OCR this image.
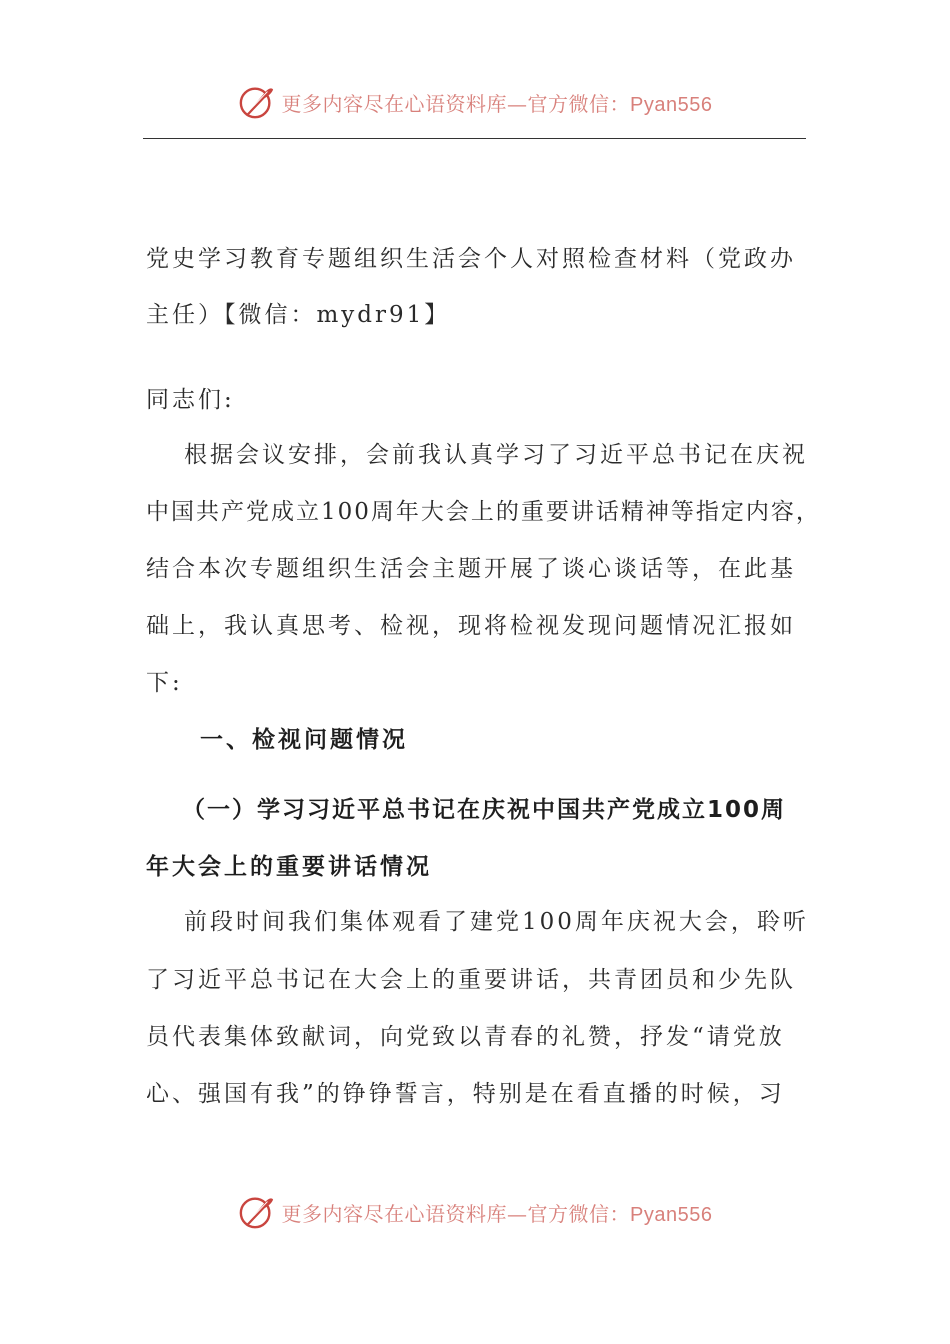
更多内容尽在心语资料库—官方微信：Pyan556
党史学习教育专题组织生活会个人对照检查材料（党政办
主任）【微信：mydr91】
同志们:
根据会议安排，会前我认真学习了习近平总书记在庆祝
中国共产党成立100周年大会上的重要讲话精神等指定内容，
结合本次专题组织生活会主题开展了谈心谈话等，在此基
础上，我认真思考、检视，现将检视发现问题情况汇报如
下:
一、检视问题情况
（一）学习习近平总书记在庆祝中国共产党成立100周
年大会上的重要讲话情况
前段时间我们集体观看了建党100周年庆祝大会，聆听
了习近平总书记在大会上的重要讲话，共青团员和少先队
员代表集体致献词，向党致以青春的礼赞，抒发“请党放
心、强国有我”的铮铮誓言，特别是在看直播的时候，习
更多内容尽在心语资料库—官方微信：Pyan556
